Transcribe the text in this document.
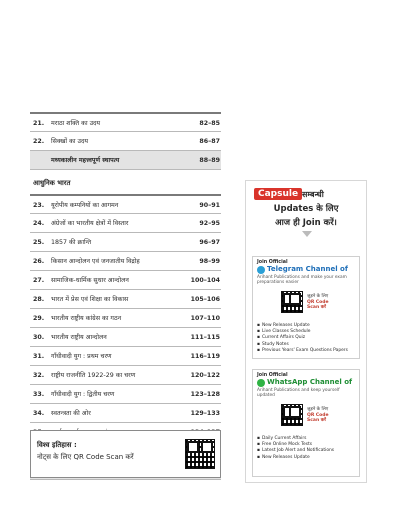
21. मराठा शक्ति का उदय	82–85
22. सिक्खों का उदय	86–87
मध्यकालीन महत्त्वपूर्ण स्थापत्य	88–89
आधुनिक भारत
23. यूरोपीय कम्पनियों का आगमन	90–91
24. अंग्रेजों का भारतीय क्षेत्रों में विस्तार	92–95
25. 1857 की क्रान्ति	96–97
26. किसान आन्दोलन एवं जनजातीय विद्रोह	98–99
27. सामाजिक-धार्मिक सुधार आन्दोलन	100–104
28. भारत में प्रेस एवं शिक्षा का विकास	105–106
29. भारतीय राष्ट्रीय कांग्रेस का गठन	107–110
30. भारतीय राष्ट्रीय आन्दोलन	111–115
31. गाँधीवादी युग : प्रथम चरण	116–119
32. राष्ट्रीय राजनीति 1922-29 का चरण	120–122
33. गाँधीवादी युग : द्वितीय चरण	123–128
34. स्वतन्त्रता की ओर	129–133
विश्व इतिहास :
नोट्स के लिए QR Code Scan करें
Capsule सम्बन्धी
Updates के लिए
आज ही Join करें।
Join Official
Telegram Channel of
Arihant Publications and make your exam preparations easier
जुड़ने के लिए
QR Code
Scan करें
▪ New Releases Update
▪ Live Classes Schedule
▪ Current Affairs Quiz
▪ Study Notes
▪ Previous Years' Exam Questions Papers
Join Official
WhatsApp Channel of
Arihant Publications and keep yourself updated
जुड़ने के लिए
QR Code
Scan करें
▪ Daily Current Affairs
▪ Free Online Mock Tests
▪ Latest Job Alert and Notifications
▪ New Releases Update
